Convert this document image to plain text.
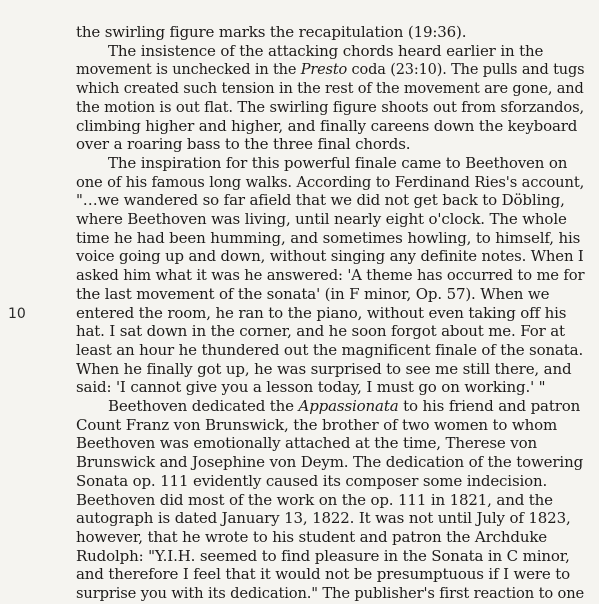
10
the swirling figure marks the recapitulation (19:36).
The insistence of the attacking chords heard earlier in the
movement is unchecked in the Presto coda (23:10). The pulls and tugs
which created such tension in the rest of the movement are gone, and
the motion is out flat. The swirling figure shoots out from sforzandos,
climbing higher and higher, and finally careens down the keyboard
over a roaring bass to the three final chords.
The inspiration for this powerful finale came to Beethoven on
one of his famous long walks. According to Ferdinand Ries's account,
"…we wandered so far afield that we did not get back to Döbling,
where Beethoven was living, until nearly eight o'clock. The whole
time he had been humming, and sometimes howling, to himself, his
voice going up and down, without singing any definite notes. When I
asked him what it was he answered: 'A theme has occurred to me for
the last movement of the sonata' (in F minor, Op. 57). When we
entered the room, he ran to the piano, without even taking off his
hat. I sat down in the corner, and he soon forgot about me. For at
least an hour he thundered out the magnificent finale of the sonata.
When he finally got up, he was surprised to see me still there, and
said: 'I cannot give you a lesson today, I must go on working.' "
Beethoven dedicated the Appassionata to his friend and patron
Count Franz von Brunswick, the brother of two women to whom
Beethoven was emotionally attached at the time, Therese von
Brunswick and Josephine von Deym. The dedication of the towering
Sonata op. 111 evidently caused its composer some indecision.
Beethoven did most of the work on the op. 111 in 1821, and the
autograph is dated January 13, 1822. It was not until July of 1823,
however, that he wrote to his student and patron the Archduke
Rudolph: "Y.I.H. seemed to find pleasure in the Sonata in C minor,
and therefore I feel that it would not be presumptuous if I were to
surprise you with its dedication." The publisher's first reaction to one
